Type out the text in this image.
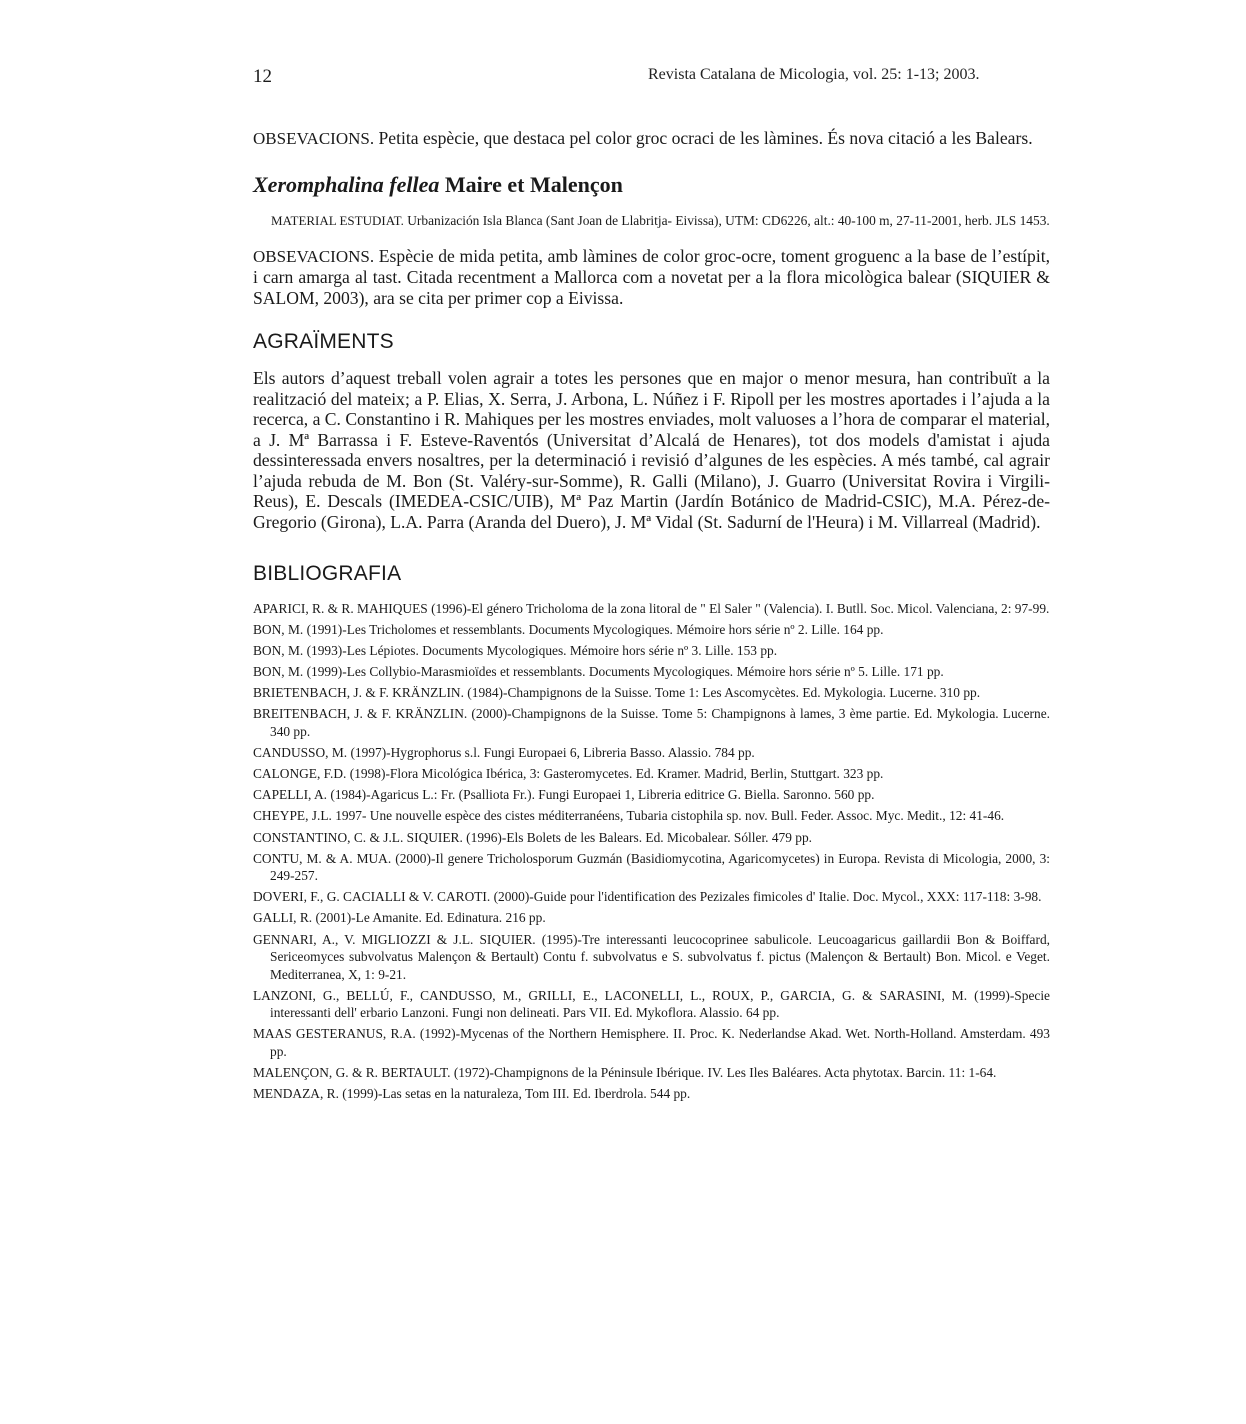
12	Revista Catalana de Micologia, vol. 25: 1-13; 2003.

OBSEVACIONS. Petita espècie, que destaca pel color groc ocraci de les làmines. És nova citació a les Balears.

Xeromphalina fellea Maire et Malençon

MATERIAL ESTUDIAT. Urbanización Isla Blanca (Sant Joan de Llabritja- Eivissa), UTM: CD6226, alt.: 40-100 m, 27-11-2001, herb. JLS 1453.

OBSEVACIONS. Espècie de mida petita, amb làmines de color groc-ocre, toment groguenc a la base de l’estípit, i carn amarga al tast. Citada recentment a Mallorca com a novetat per a la flora micològica balear (SIQUIER & SALOM, 2003), ara se cita per primer cop a Eivissa.

AGRAÏMENTS

Els autors d’aquest treball volen agrair a totes les persones que en major o menor mesura, han contribuït a la realització del mateix; a P. Elias, X. Serra, J. Arbona, L. Núñez i F. Ripoll per les mostres aportades i l’ajuda a la recerca, a C. Constantino i R. Mahiques per les mostres enviades, molt valuoses a l’hora de comparar el material, a J. Mª Barrassa i F. Esteve-Raventós (Universitat d’Alcalá de Henares), tot dos models d'amistat i ajuda dessinteressada envers nosaltres, per la determinació i revisió d’algunes de les espècies. A més també, cal agrair l’ajuda rebuda de M. Bon (St. Valéry-sur-Somme), R. Galli (Milano), J. Guarro (Universitat Rovira i Virgili- Reus), E. Descals (IMEDEA-CSIC/UIB), Mª Paz Martin (Jardín Botánico de Madrid-CSIC), M.A. Pérez-de-Gregorio (Girona), L.A. Parra (Aranda del Duero), J. Mª Vidal (St. Sadurní de l'Heura) i M. Villarreal (Madrid).

BIBLIOGRAFIA
APARICI, R. & R. MAHIQUES (1996)-El género Tricholoma de la zona litoral de " El Saler " (Valencia). I. Butll. Soc. Micol. Valenciana, 2: 97-99.
BON, M. (1991)-Les Tricholomes et ressemblants. Documents Mycologiques. Mémoire hors série nº 2. Lille. 164 pp.
BON, M. (1993)-Les Lépiotes. Documents Mycologiques. Mémoire hors série nº 3. Lille. 153 pp.
BON, M. (1999)-Les Collybio-Marasmioïdes et ressemblants. Documents Mycologiques. Mémoire hors série nº 5. Lille. 171 pp.
BRIETENBACH, J. & F. KRÄNZLIN. (1984)-Champignons de la Suisse. Tome 1: Les Ascomycètes. Ed. Mykologia. Lucerne. 310 pp.
BREITENBACH, J. & F. KRÄNZLIN. (2000)-Champignons de la Suisse. Tome 5: Champignons à lames, 3 ème partie. Ed. Mykologia. Lucerne. 340 pp.
CANDUSSO, M. (1997)-Hygrophorus s.l. Fungi Europaei 6, Libreria Basso. Alassio. 784 pp.
CALONGE, F.D. (1998)-Flora Micológica Ibérica, 3: Gasteromycetes. Ed. Kramer. Madrid, Berlin, Stuttgart. 323 pp.
CAPELLI, A. (1984)-Agaricus L.: Fr. (Psalliota Fr.). Fungi Europaei 1, Libreria editrice G. Biella. Saronno. 560 pp.
CHEYPE, J.L. 1997- Une nouvelle espèce des cistes méditerranéens, Tubaria cistophila sp. nov. Bull. Feder. Assoc. Myc. Medit., 12: 41-46.
CONSTANTINO, C. & J.L. SIQUIER. (1996)-Els Bolets de les Balears. Ed. Micobalear. Sóller. 479 pp.
CONTU, M. & A. MUA. (2000)-Il genere Tricholosporum Guzmán (Basidiomycotina, Agaricomycetes) in Europa. Revista di Micologia, 2000, 3: 249-257.
DOVERI, F., G. CACIALLI & V. CAROTI. (2000)-Guide pour l'identification des Pezizales fimicoles d' Italie. Doc. Mycol., XXX: 117-118: 3-98.
GALLI, R. (2001)-Le Amanite. Ed. Edinatura. 216 pp.
GENNARI, A., V. MIGLIOZZI & J.L. SIQUIER. (1995)-Tre interessanti leucocoprinee sabulicole. Leucoagaricus gaillardii Bon & Boiffard, Sericeomyces subvolvatus Malençon & Bertault) Contu f. subvolvatus e S. subvolvatus f. pictus (Malençon & Bertault) Bon. Micol. e Veget. Mediterranea, X, 1: 9-21.
LANZONI, G., BELLÚ, F., CANDUSSO, M., GRILLI, E., LACONELLI, L., ROUX, P., GARCIA, G. & SARASINI, M. (1999)-Specie interessanti dell' erbario Lanzoni. Fungi non delineati. Pars VII. Ed. Mykoflora. Alassio. 64 pp.
MAAS GESTERANUS, R.A. (1992)-Mycenas of the Northern Hemisphere. II. Proc. K. Nederlandse Akad. Wet. North-Holland. Amsterdam. 493 pp.
MALENÇON, G. & R. BERTAULT. (1972)-Champignons de la Péninsule Ibérique. IV. Les Iles Baléares. Acta phytotax. Barcin. 11: 1-64.
MENDAZA, R. (1999)-Las setas en la naturaleza, Tom III. Ed. Iberdrola. 544 pp.
